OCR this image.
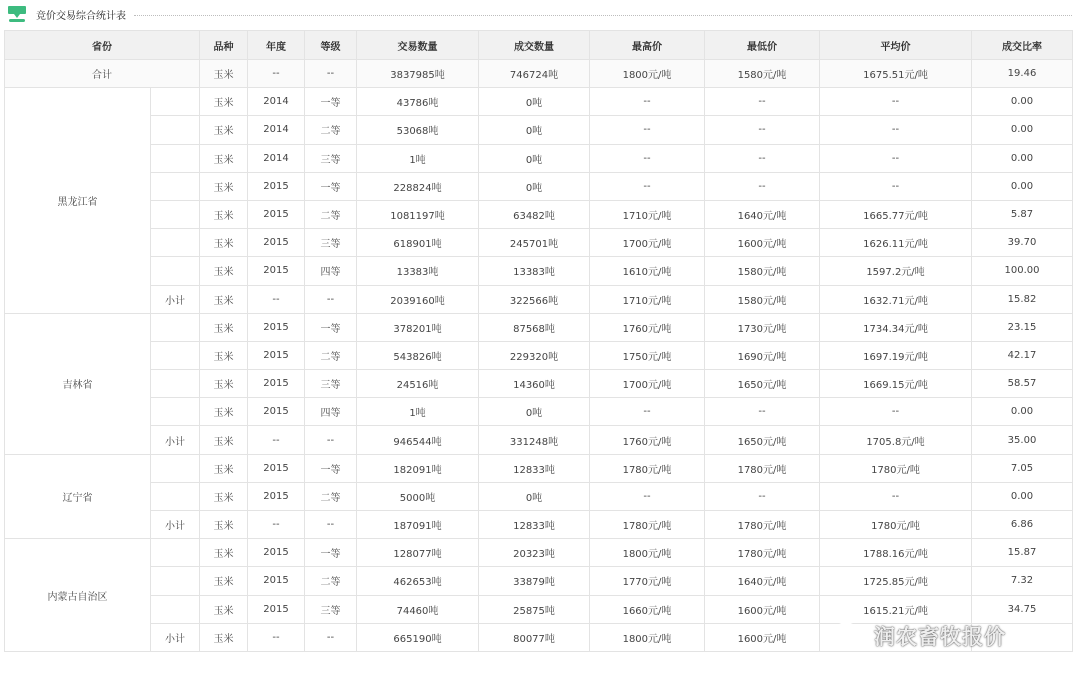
竞价交易综合统计表
省份		品种	年度	等级	交易数量	成交数量	最高价	最低价	平均价	成交比率
合计		玉米	--	--	3837985吨	746724吨	1800元/吨	1580元/吨	1675.51元/吨	19.46
黑龙江省		玉米	2014	一等	43786吨	0吨	--	--	--	0.00
		玉米	2014	二等	53068吨	0吨	--	--	--	0.00
		玉米	2014	三等	1吨	0吨	--	--	--	0.00
		玉米	2015	一等	228824吨	0吨	--	--	--	0.00
		玉米	2015	二等	1081197吨	63482吨	1710元/吨	1640元/吨	1665.77元/吨	5.87
		玉米	2015	三等	618901吨	245701吨	1700元/吨	1600元/吨	1626.11元/吨	39.70
		玉米	2015	四等	13383吨	13383吨	1610元/吨	1580元/吨	1597.2元/吨	100.00
	小计	玉米	--	--	2039160吨	322566吨	1710元/吨	1580元/吨	1632.71元/吨	15.82
吉林省		玉米	2015	一等	378201吨	87568吨	1760元/吨	1730元/吨	1734.34元/吨	23.15
		玉米	2015	二等	543826吨	229320吨	1750元/吨	1690元/吨	1697.19元/吨	42.17
		玉米	2015	三等	24516吨	14360吨	1700元/吨	1650元/吨	1669.15元/吨	58.57
		玉米	2015	四等	1吨	0吨	--	--	--	0.00
	小计	玉米	--	--	946544吨	331248吨	1760元/吨	1650元/吨	1705.8元/吨	35.00
辽宁省		玉米	2015	一等	182091吨	12833吨	1780元/吨	1780元/吨	1780元/吨	7.05
		玉米	2015	二等	5000吨	0吨	--	--	--	0.00
	小计	玉米	--	--	187091吨	12833吨	1780元/吨	1780元/吨	1780元/吨	6.86
内蒙古自治区		玉米	2015	一等	128077吨	20323吨	1800元/吨	1780元/吨	1788.16元/吨	15.87
		玉米	2015	二等	462653吨	33879吨	1770元/吨	1640元/吨	1725.85元/吨	7.32
		玉米	2015	三等	74460吨	25875吨	1660元/吨	1600元/吨	1615.21元/吨	34.75
	小计	玉米	--	--	665190吨	80077吨	1800元/吨	1600元/吨			润农畜牧报价
